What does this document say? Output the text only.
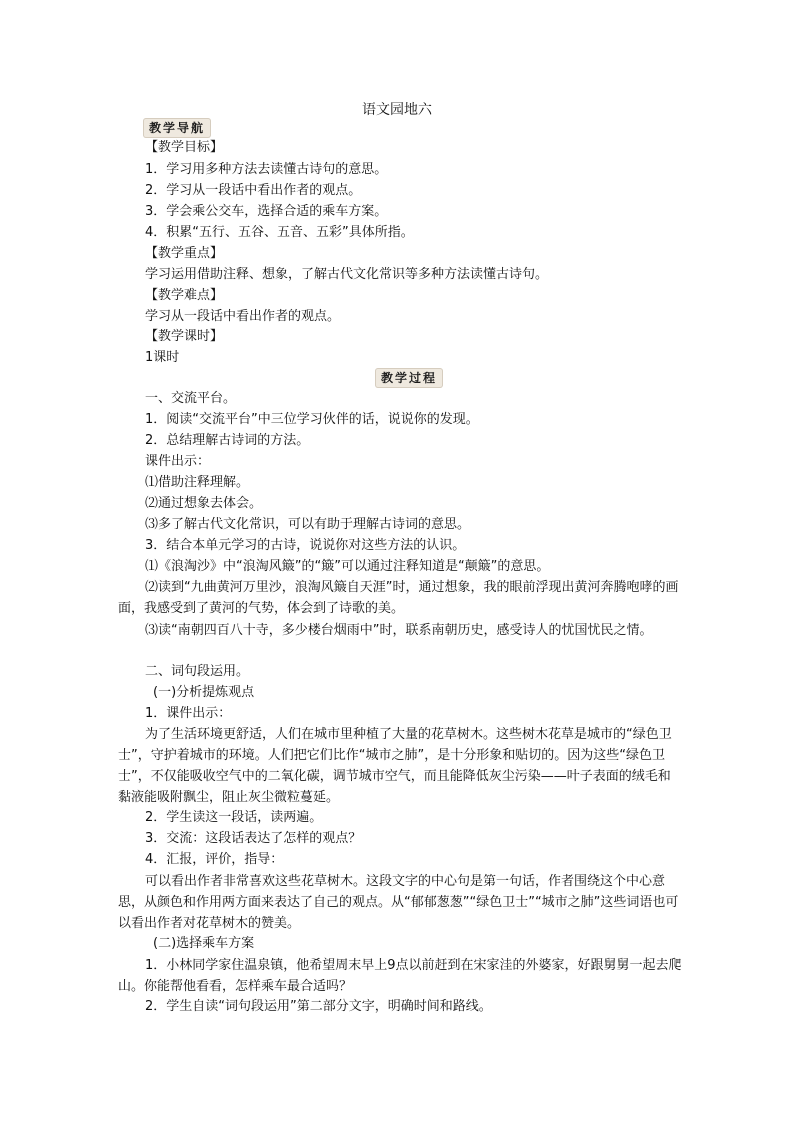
语文园地六
教学导航
【教学目标】
1．学习用多种方法去读懂古诗句的意思。
2．学习从一段话中看出作者的观点。
3．学会乘公交车，选择合适的乘车方案。
4．积累“五行、五谷、五音、五彩”具体所指。
【教学重点】
学习运用借助注释、想象，了解古代文化常识等多种方法读懂古诗句。
【教学难点】
学习从一段话中看出作者的观点。
【教学课时】
1课时
教学过程
一、交流平台。
1．阅读“交流平台”中三位学习伙伴的话，说说你的发现。
2．总结理解古诗词的方法。
课件出示：
⑴借助注释理解。
⑵通过想象去体会。
⑶多了解古代文化常识，可以有助于理解古诗词的意思。
3．结合本单元学习的古诗，说说你对这些方法的认识。
⑴《浪淘沙》中“浪淘风簸”的“簸”可以通过注释知道是“颠簸”的意思。
⑵读到“九曲黄河万里沙，浪淘风簸自天涯”时，通过想象，我的眼前浮现出黄河奔腾咆哮的画面，我感受到了黄河的气势，体会到了诗歌的美。
⑶读“南朝四百八十寺，多少楼台烟雨中”时，联系南朝历史，感受诗人的忧国忧民之情。
二、词句段运用。
(一)分析提炼观点
1．课件出示：
为了生活环境更舒适，人们在城市里种植了大量的花草树木。这些树木花草是城市的“绿色卫士”，守护着城市的环境。人们把它们比作“城市之肺”，是十分形象和贴切的。因为这些“绿色卫士”，不仅能吸收空气中的二氧化碳，调节城市空气，而且能降低灰尘污染——叶子表面的绒毛和黏液能吸附飘尘，阻止灰尘微粒蔓延。
2．学生读这一段话，读两遍。
3．交流：这段话表达了怎样的观点？
4．汇报，评价，指导：
可以看出作者非常喜欢这些花草树木。这段文字的中心句是第一句话，作者围绕这个中心意思，从颜色和作用两方面来表达了自己的观点。从“郁郁葱葱”“绿色卫士”“城市之肺”这些词语也可以看出作者对花草树木的赞美。
(二)选择乘车方案
1．小林同学家住温泉镇，他希望周末早上9点以前赶到在宋家洼的外婆家，好跟舅舅一起去爬山。你能帮他看看，怎样乘车最合适吗？
2．学生自读“词句段运用”第二部分文字，明确时间和路线。
